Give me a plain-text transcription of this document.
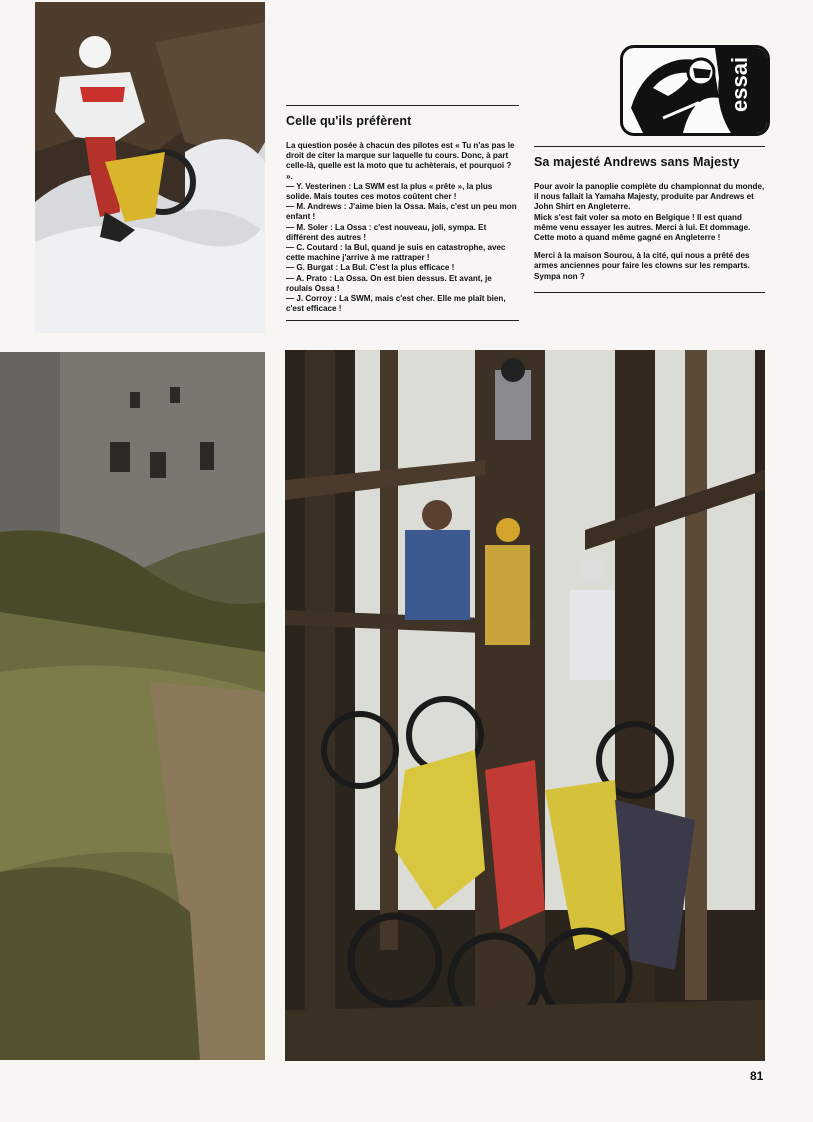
Celle qu'ils préfèrent

La question posée à chacun des pilotes est « Tu n'as pas le droit de citer la marque sur laquelle tu cours. Donc, à part celle-là, quelle est la moto que tu achèterais, et pourquoi ? ».

— Y. Vesterinen : La SWM est la plus « prête », la plus solide. Mais toutes ces motos coûtent cher !

— M. Andrews : J'aime bien la Ossa. Mais, c'est un peu mon enfant !

— M. Soler : La Ossa : c'est nouveau, joli, sympa. Et différent des autres !

— C. Coutard : la Bul, quand je suis en catastrophe, avec cette machine j'arrive à me rattraper !

— G. Burgat : La Bul. C'est la plus efficace !

— A. Prato : La Ossa. On est bien dessus. Et avant, je roulais Ossa !

— J. Corroy : La SWM, mais c'est cher. Elle me plaît bien, c'est efficace !

essai
Sa majesté Andrews sans Majesty

Pour avoir la panoplie complète du championnat du monde, il nous fallait la Yamaha Majesty, produite par Andrews et John Shirt en Angleterre.

Mick s'est fait voler sa moto en Belgique ! Il est quand même venu essayer les autres. Merci à lui. Et dommage. Cette moto a quand même gagné en Angleterre !

Merci à la maison Sourou, à la cité, qui nous a prêté des armes anciennes pour faire les clowns sur les remparts. Sympa non ?

81
